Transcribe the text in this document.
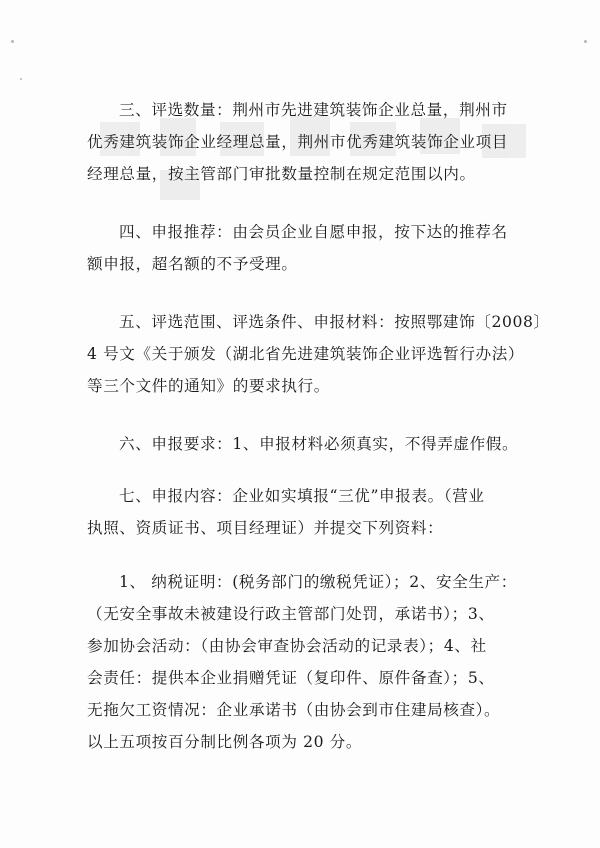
三、评选数量：荆州市先进建筑装饰企业总量，荆州市
优秀建筑装饰企业经理总量，荆州市优秀建筑装饰企业项目
经理总量，按主管部门审批数量控制在规定范围以内。

四、申报推荐：由会员企业自愿申报，按下达的推荐名
额申报，超名额的不予受理。

五、评选范围、评选条件、申报材料：按照鄂建饰〔2008〕
4 号文《关于颁发（湖北省先进建筑装饰企业评选暂行办法）
等三个文件的通知》的要求执行。

六、申报要求：1、申报材料必须真实，不得弄虚作假。

七、申报内容：企业如实填报“三优”申报表。（营业
执照、资质证书、项目经理证）并提交下列资料：

1、 纳税证明：(税务部门的缴税凭证）；2、安全生产：
（无安全事故未被建设行政主管部门处罚，承诺书）；3、
参加协会活动：（由协会审查协会活动的记录表）；4、社
会责任：提供本企业捐赠凭证（复印件、原件备查）；5、
无拖欠工资情况：企业承诺书（由协会到市住建局核查）。
以上五项按百分制比例各项为 20 分。
